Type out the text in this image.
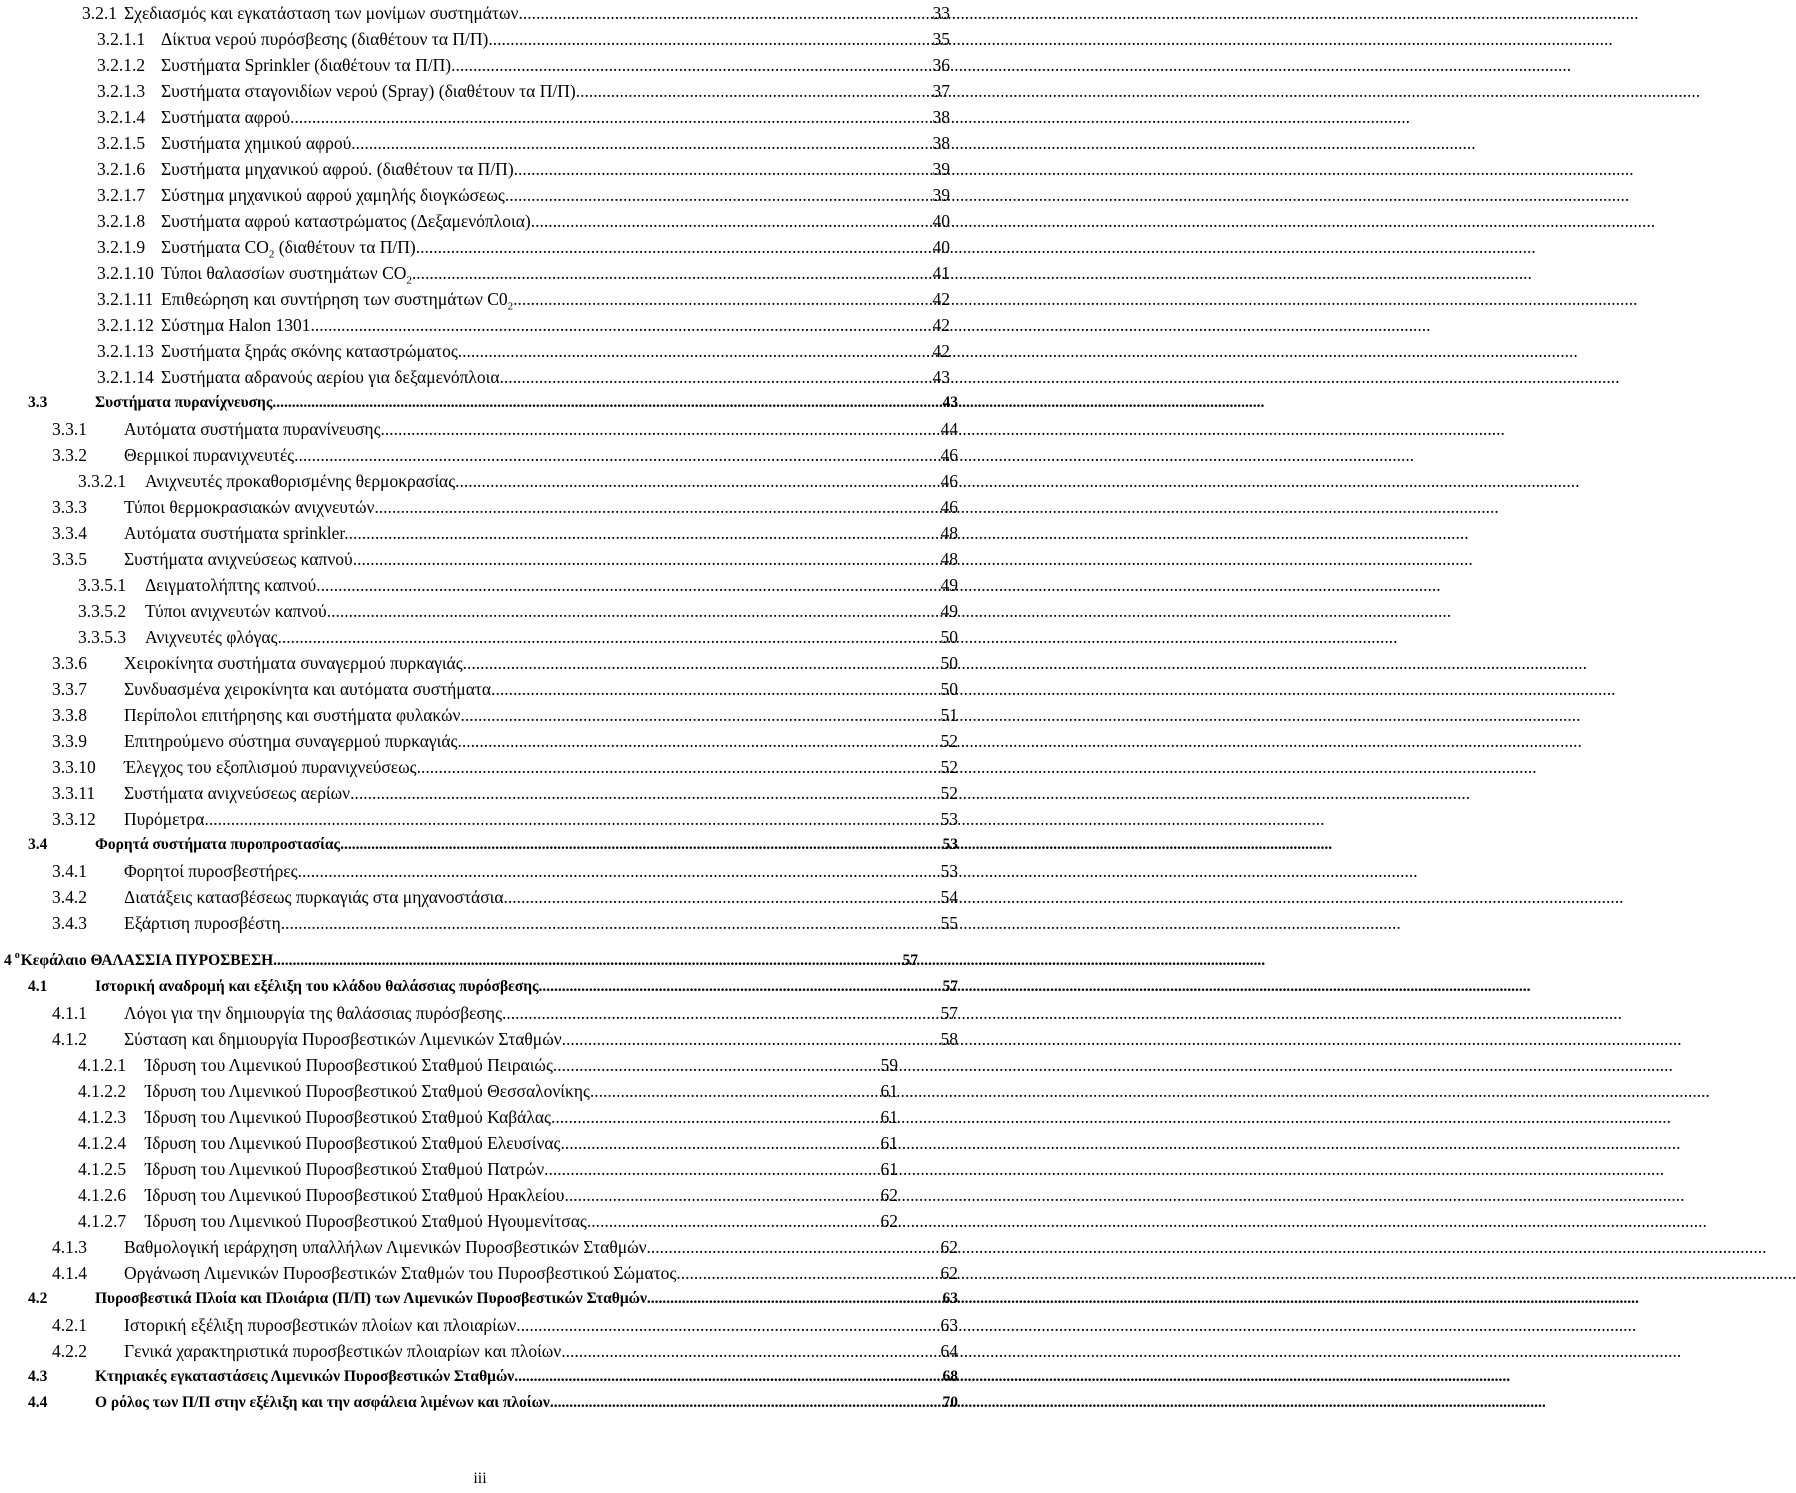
3.2.1 Σχεδιασμός και εγκατάσταση των μονίμων συστημάτων .....	33
3.2.1.1 Δίκτυα νερού πυρόσβεσης (διαθέτουν τα Π/Π). .....	35
3.2.1.2 Συστήματα Sprinkler (διαθέτουν τα Π/Π) .....	36
3.2.1.3 Συστήματα σταγονιδίων νερού (Spray) (διαθέτουν τα Π/Π). .....	37
3.2.1.4 Συστήματα αφρού .....	38
3.2.1.5 Συστήματα χημικού αφρού. .....	38
3.2.1.6 Συστήματα μηχανικού αφρού. (διαθέτουν τα Π/Π) .....	39
3.2.1.7 Σύστημα μηχανικού αφρού χαμηλής διογκώσεως. .....	39
3.2.1.8 Συστήματα αφρού καταστρώματος (Δεξαμενόπλοια). .....	40
3.2.1.9 Συστήματα $CO_2$ (διαθέτουν τα Π/Π) .....	40
3.2.1.10 Τύποι θαλασσίων συστημάτων $CO_2$ .....	41
3.2.1.11 Επιθεώρηση και συντήρηση των συστημάτων $C0_2$. .....	42
3.2.1.12 Σύστημα Halon 1301 .....	42
3.2.1.13 Συστήματα ξηράς σκόνης καταστρώματος .....	42
3.2.1.14 Συστήματα αδρανούς αερίου για δεξαμενόπλοια .....	43
3.3	Συστήματα πυρανίχνευσης .....	43
3.3.1 Αυτόματα συστήματα πυρανίνευσης. .....	44
3.3.2 Θερμικοί πυρανιχνευτές .....	46
3.3.2.1 Ανιχνευτές προκαθορισμένης θερμοκρασίας. .....	46
3.3.3 Τύποι θερμοκρασιακών ανιχνευτών. .....	46
3.3.4 Αυτόματα συστήματα sprinkler. .....	48
3.3.5 Συστήματα ανιχνεύσεως καπνού .....	48
3.3.5.1 Δειγματολήπτης καπνού. .....	49
3.3.5.2 Τύποι ανιχνευτών καπνού. .....	49
3.3.5.3 Ανιχνευτές φλόγας .....	50
3.3.6 Χειροκίνητα συστήματα συναγερμού πυρκαγιάς. .....	50
3.3.7 Συνδυασμένα χειροκίνητα και αυτόματα συστήματα. .....	50
3.3.8 Περίπολοι επιτήρησης και συστήματα φυλακών .....	51
3.3.9 Επιτηρούμενο σύστημα συναγερμού πυρκαγιάς. .....	52
3.3.10 Έλεγχος του εξοπλισμού πυρανιχνεύσεως .....	52
3.3.11 Συστήματα ανιχνεύσεως αερίων .....	52
3.3.12 Πυρόμετρα .....	53
3.4	Φορητά συστήματα πυροπροστασίας .....	53
3.4.1 Φορητοί πυροσβεστήρες .....	53
3.4.2 Διατάξεις κατασβέσεως πυρκαγιάς στα μηχανοστάσια .....	54
3.4.3 Εξάρτιση πυροσβέστη .....	55
4 ο Κεφάλαιο ΘΑΛΑΣΣΙΑ ΠΥΡΟΣΒΕΣΗ .....	57
4.1	Ιστορική αναδρομή και εξέλιξη του κλάδου θαλάσσιας πυρόσβεσης .....	57
4.1.1 Λόγοι για την δημιουργία της θαλάσσιας πυρόσβεσης .....	57
4.1.2 Σύσταση και δημιουργία Πυροσβεστικών Λιμενικών Σταθμών .....	58
4.1.2.1 Ίδρυση του Λιμενικού Πυροσβεστικού Σταθμού Πειραιώς .....	59
4.1.2.2 Ίδρυση του Λιμενικού Πυροσβεστικού Σταθμού Θεσσαλονίκης .....	61
4.1.2.3 Ίδρυση του Λιμενικού Πυροσβεστικού Σταθμού Καβάλας .....	61
4.1.2.4 Ίδρυση του Λιμενικού Πυροσβεστικού Σταθμού Ελευσίνας .....	61
4.1.2.5 Ίδρυση του Λιμενικού Πυροσβεστικού Σταθμού Πατρών .....	61
4.1.2.6 Ίδρυση του Λιμενικού Πυροσβεστικού Σταθμού Ηρακλείου .....	62
4.1.2.7 Ίδρυση του Λιμενικού Πυροσβεστικού Σταθμού Ηγουμενίτσας .....	62
4.1.3 Βαθμολογική ιεράρχηση υπαλλήλων Λιμενικών Πυροσβεστικών Σταθμών .....	62
4.1.4 Οργάνωση Λιμενικών Πυροσβεστικών Σταθμών του Πυροσβεστικού Σώματος .....	62
4.2	Πυροσβεστικά Πλοία και Πλοιάρια (Π/Π) των Λιμενικών Πυροσβεστικών Σταθμών .....	63
4.2.1 Ιστορική εξέλιξη πυροσβεστικών πλοίων και πλοιαρίων .....	63
4.2.2 Γενικά χαρακτηριστικά πυροσβεστικών πλοιαρίων και πλοίων .....	64
4.3	Κτηριακές εγκαταστάσεις Λιμενικών Πυροσβεστικών Σταθμών. .....	68
4.4	Ο ρόλος των Π/Π στην εξέλιξη και την ασφάλεια λιμένων και πλοίων. .....	70
iii
